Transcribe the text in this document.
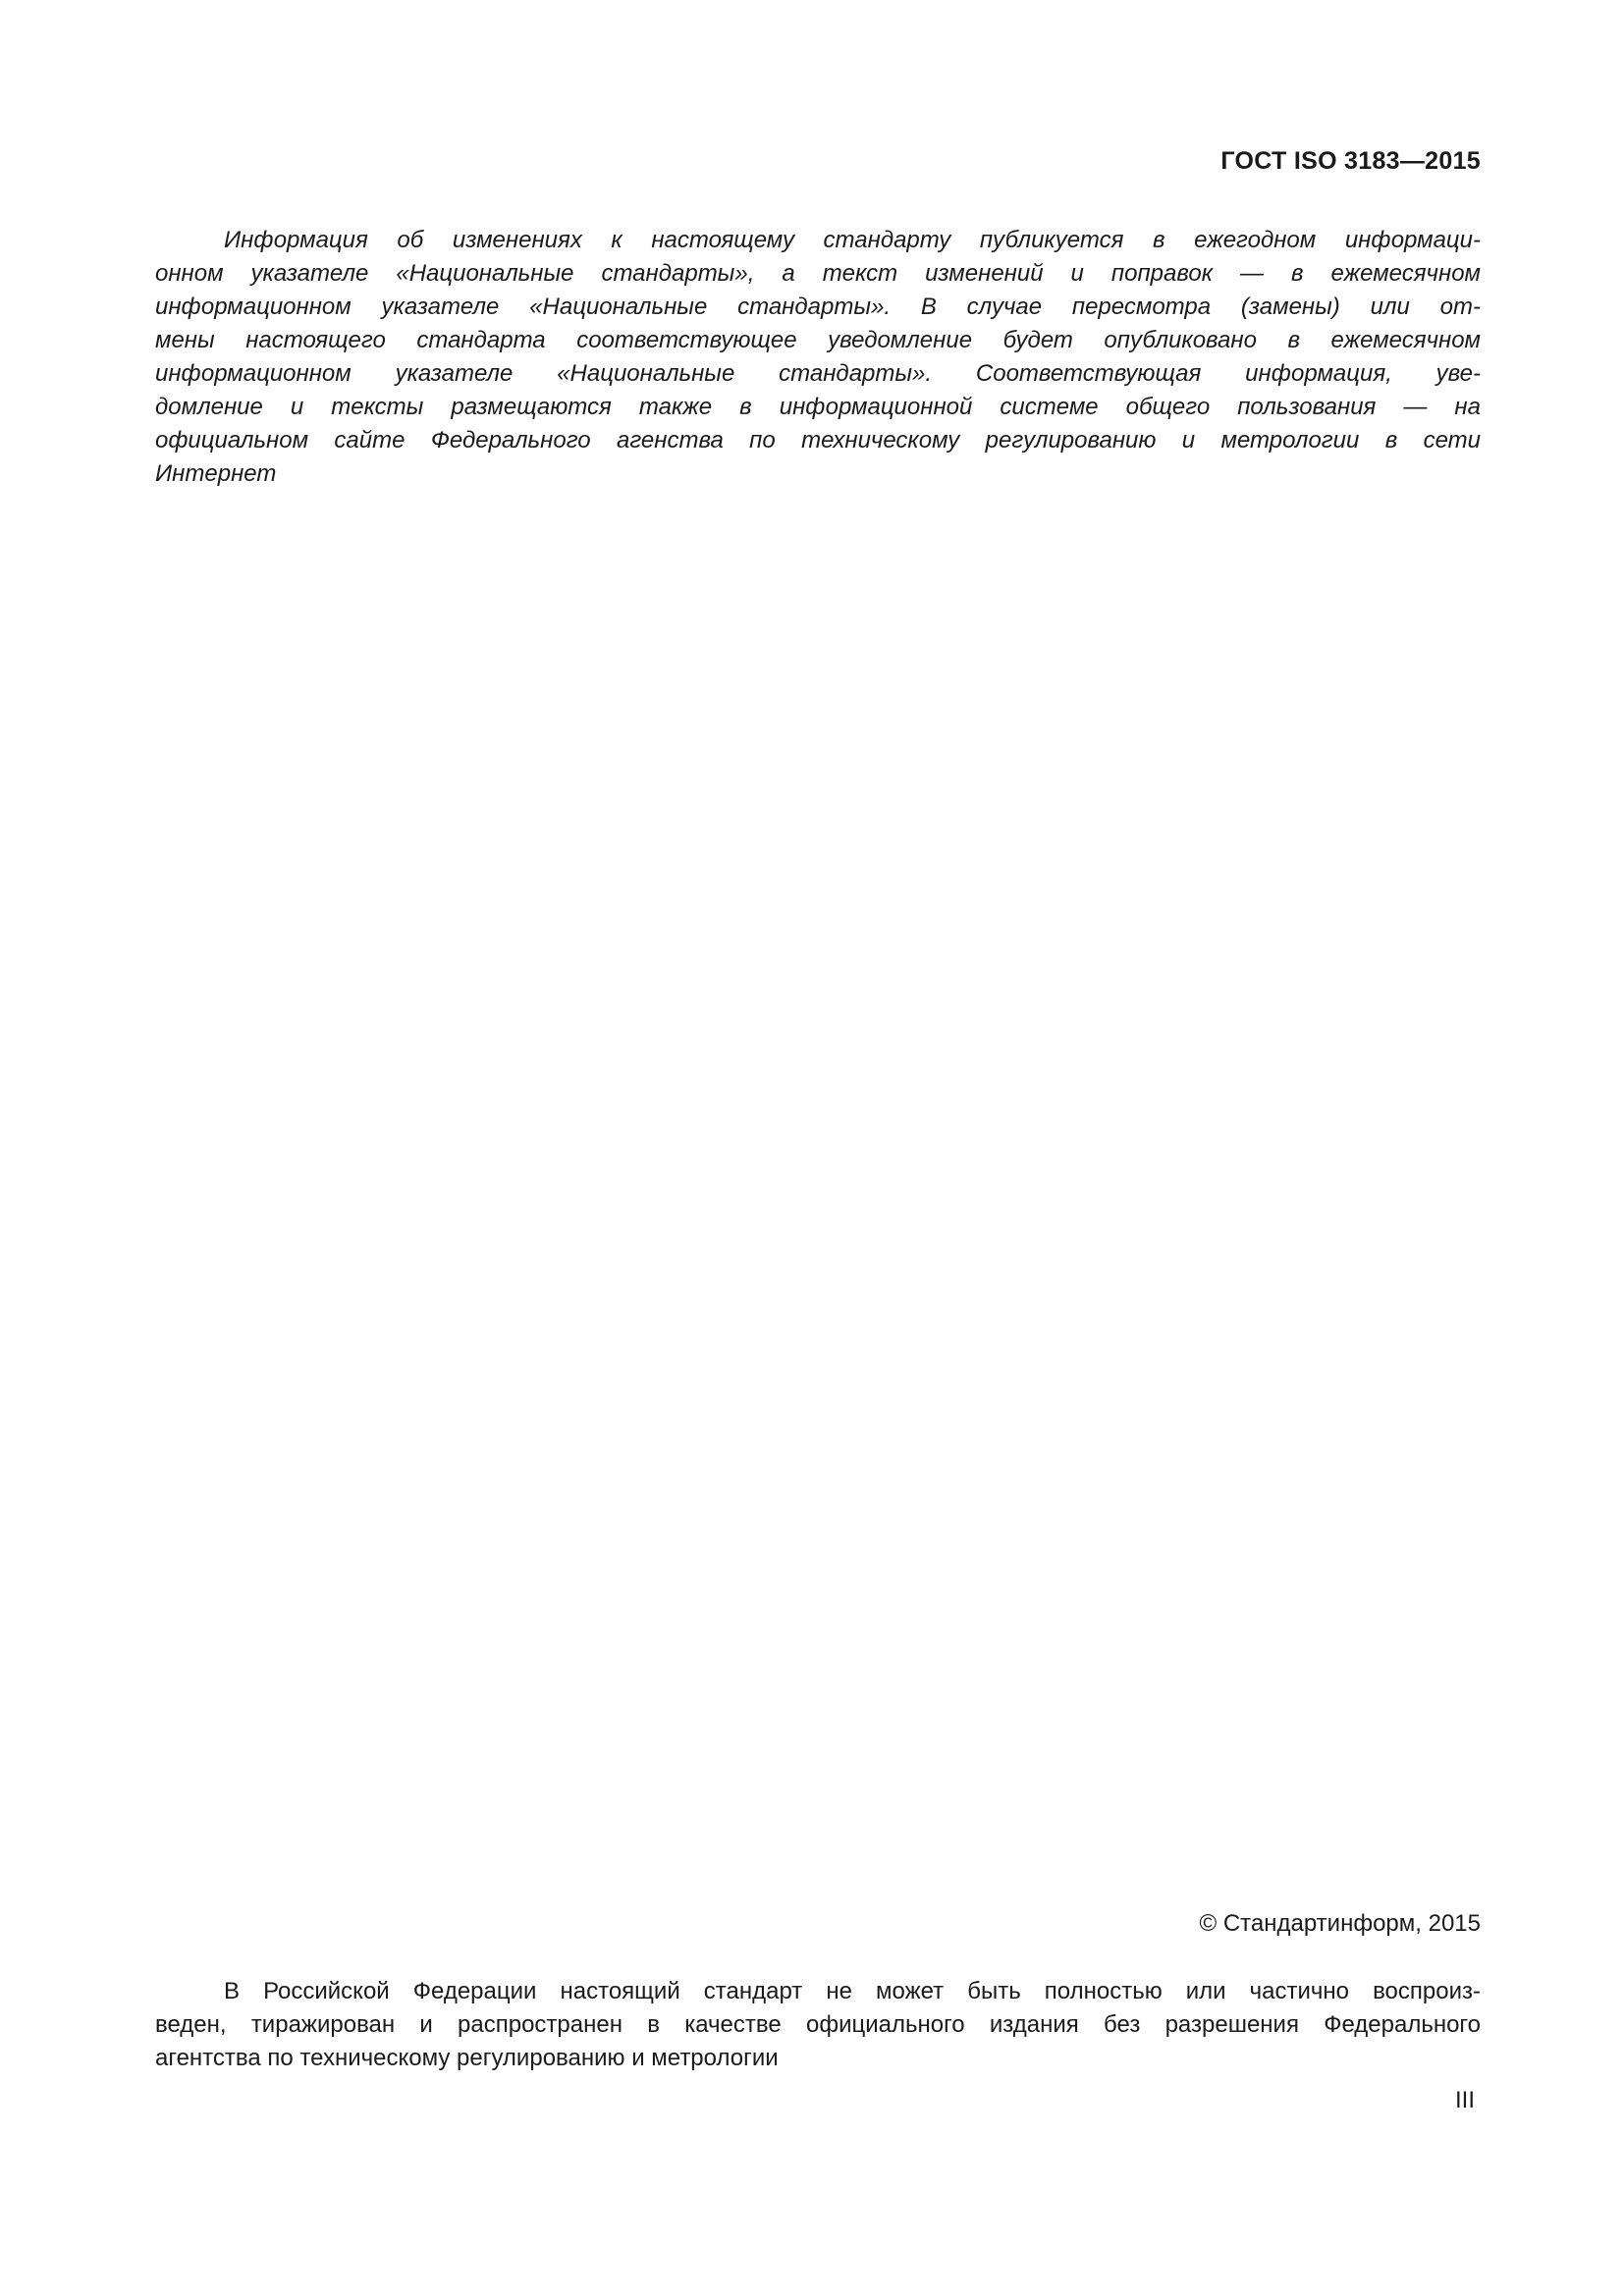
ГОСТ ISO 3183—2015
Информация об изменениях к настоящему стандарту публикуется в ежегодном информаци-
онном указателе «Национальные стандарты», а текст изменений и поправок — в ежемесячном
информационном указателе «Национальные стандарты». В случае пересмотра (замены) или от-
мены настоящего стандарта соответствующее уведомление будет опубликовано в ежемесячном
информационном указателе «Национальные стандарты». Соответствующая информация, уве-
домление и тексты размещаются также в информационной системе общего пользования — на
официальном сайте Федерального агенства по техническому регулированию и метрологии в сети
Интернет
© Стандартинформ, 2015
В Российской Федерации настоящий стандарт не может быть полностью или частично воспроиз-
веден, тиражирован и распространен в качестве официального издания без разрешения Федерального
агентства по техническому регулированию и метрологии
III
